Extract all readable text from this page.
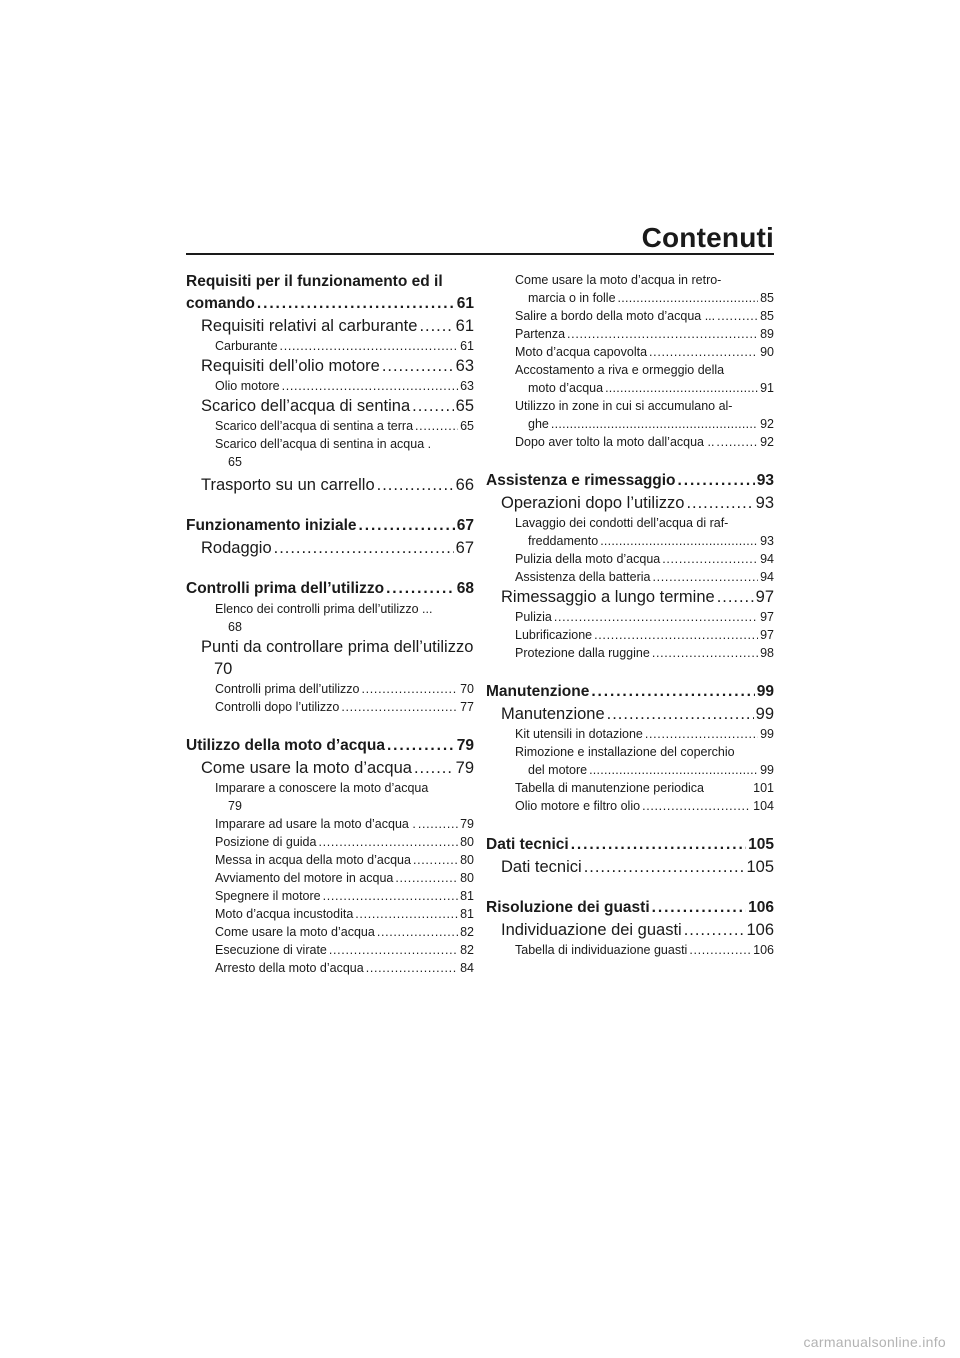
Contenuti
Requisiti per il funzionamento ed il
comando . . .	61
Requisiti relativi al carburante . . . 61
Carburante . . .	61
Requisiti dell’olio motore . . .	63
Olio motore . . .	63
Scarico dell’acqua di sentina . . .	65
Scarico dell’acqua di sentina a terra . . .	65
Scarico dell’acqua di sentina in acqua .
65
Trasporto su un carrello . . .	66
Funzionamento iniziale . . .	67
Rodaggio . . .	67
Controlli prima dell’utilizzo . . .	68
Elenco dei controlli prima dell’utilizzo ...
68
Punti da controllare prima dell’utilizzo
70
Controlli prima dell’utilizzo . . .	70
Controlli dopo l’utilizzo . . .	77
Utilizzo della moto d’acqua . . .	79
Come usare la moto d’acqua . . .	79
Imparare a conoscere la moto d’acqua
79
Imparare ad usare la moto d’acqua . . . .	79
Posizione di guida . . .	80
Messa in acqua della moto d’acqua . . .	80
Avviamento del motore in acqua . . .	80
Spegnere il motore . . .	81
Moto d’acqua incustodita . . .	81
Come usare la moto d’acqua . . .	82
Esecuzione di virate . . .	82
Arresto della moto d’acqua . . .	84
Come usare la moto d’acqua in retro-
marcia o in folle . . .	85
Salire a bordo della moto d’acqua ... . . .	85
Partenza . . .	89
Moto d’acqua capovolta . . .	90
Accostamento a riva e ormeggio della
moto d’acqua . . .	91
Utilizzo in zone in cui si accumulano al-
ghe . . .	92
Dopo aver tolto la moto dall’acqua .. . . .	92
Assistenza e rimessaggio . . .	93
Operazioni dopo l’utilizzo . . .	93
Lavaggio dei condotti dell’acqua di raf-
freddamento . . .	93
Pulizia della moto d’acqua . . .	94
Assistenza della batteria . . .	94
Rimessaggio a lungo termine . . . 97
Pulizia . . .	97
Lubrificazione . . .	97
Protezione dalla ruggine . . .	98
Manutenzione . . .	99
Manutenzione . . .	99
Kit utensili in dotazione . . .	99
Rimozione e installazione del coperchio
del motore . . .	99
Tabella di manutenzione periodica	101
Olio motore e filtro olio . . .	104
Dati tecnici . . .	105
Dati tecnici . . .	105
Risoluzione dei guasti . . .	106
Individuazione dei guasti . . .	106
Tabella di individuazione guasti . . .	106
carmanualsonline.info
